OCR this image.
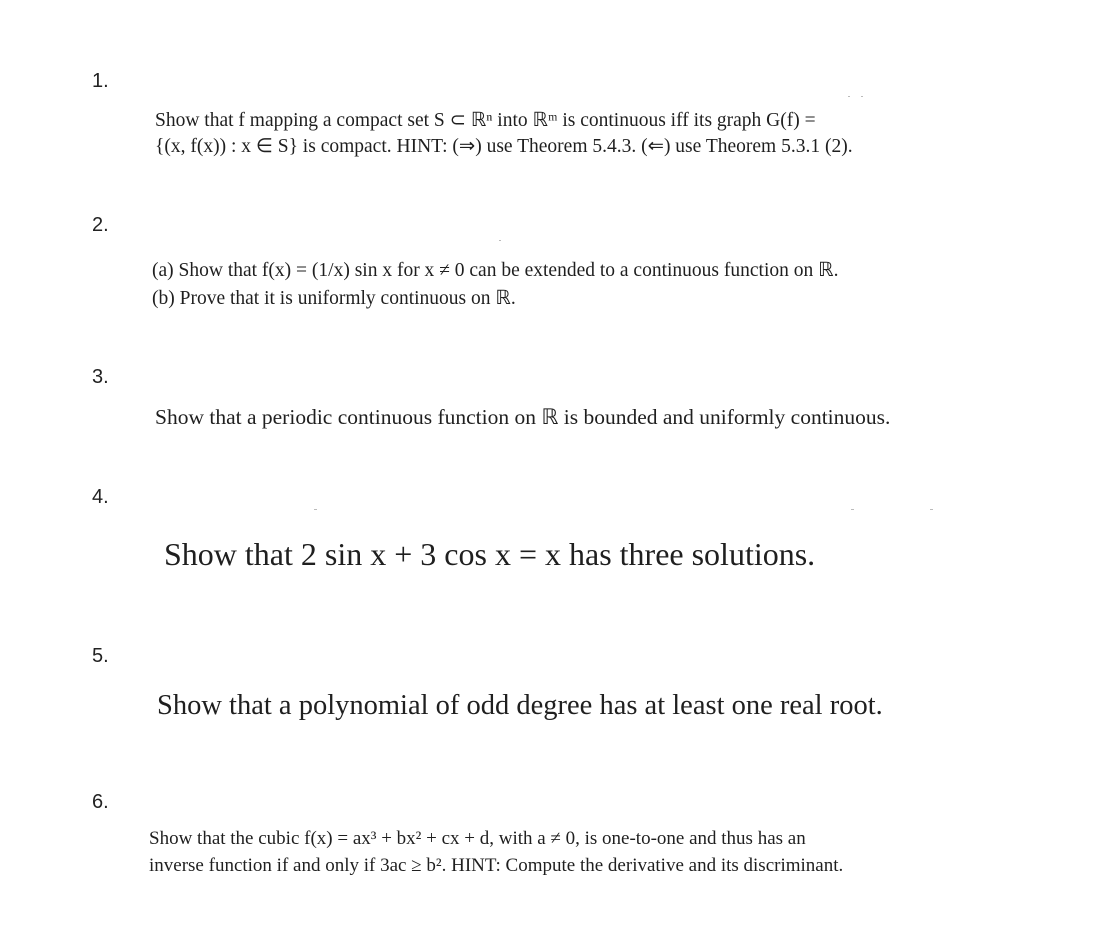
1.
2.
3.
4.
5.
6.
Show that f mapping a compact set S ⊂ ℝⁿ into ℝᵐ is continuous iff its graph G(f) =
{(x, f(x)) : x ∈ S} is compact. HINT: (⇒) use Theorem 5.4.3. (⇐) use Theorem 5.3.1 (2).
(a) Show that f(x) = (1/x) sin x for x ≠ 0 can be extended to a continuous function on ℝ.
(b) Prove that it is uniformly continuous on ℝ.
Show that a periodic continuous function on ℝ is bounded and uniformly continuous.
Show that 2 sin x + 3 cos x = x has three solutions.
Show that a polynomial of odd degree has at least one real root.
Show that the cubic f(x) = ax³ + bx² + cx + d, with a ≠ 0, is one-to-one and thus has an
inverse function if and only if 3ac ≥ b². HINT: Compute the derivative and its discriminant.
